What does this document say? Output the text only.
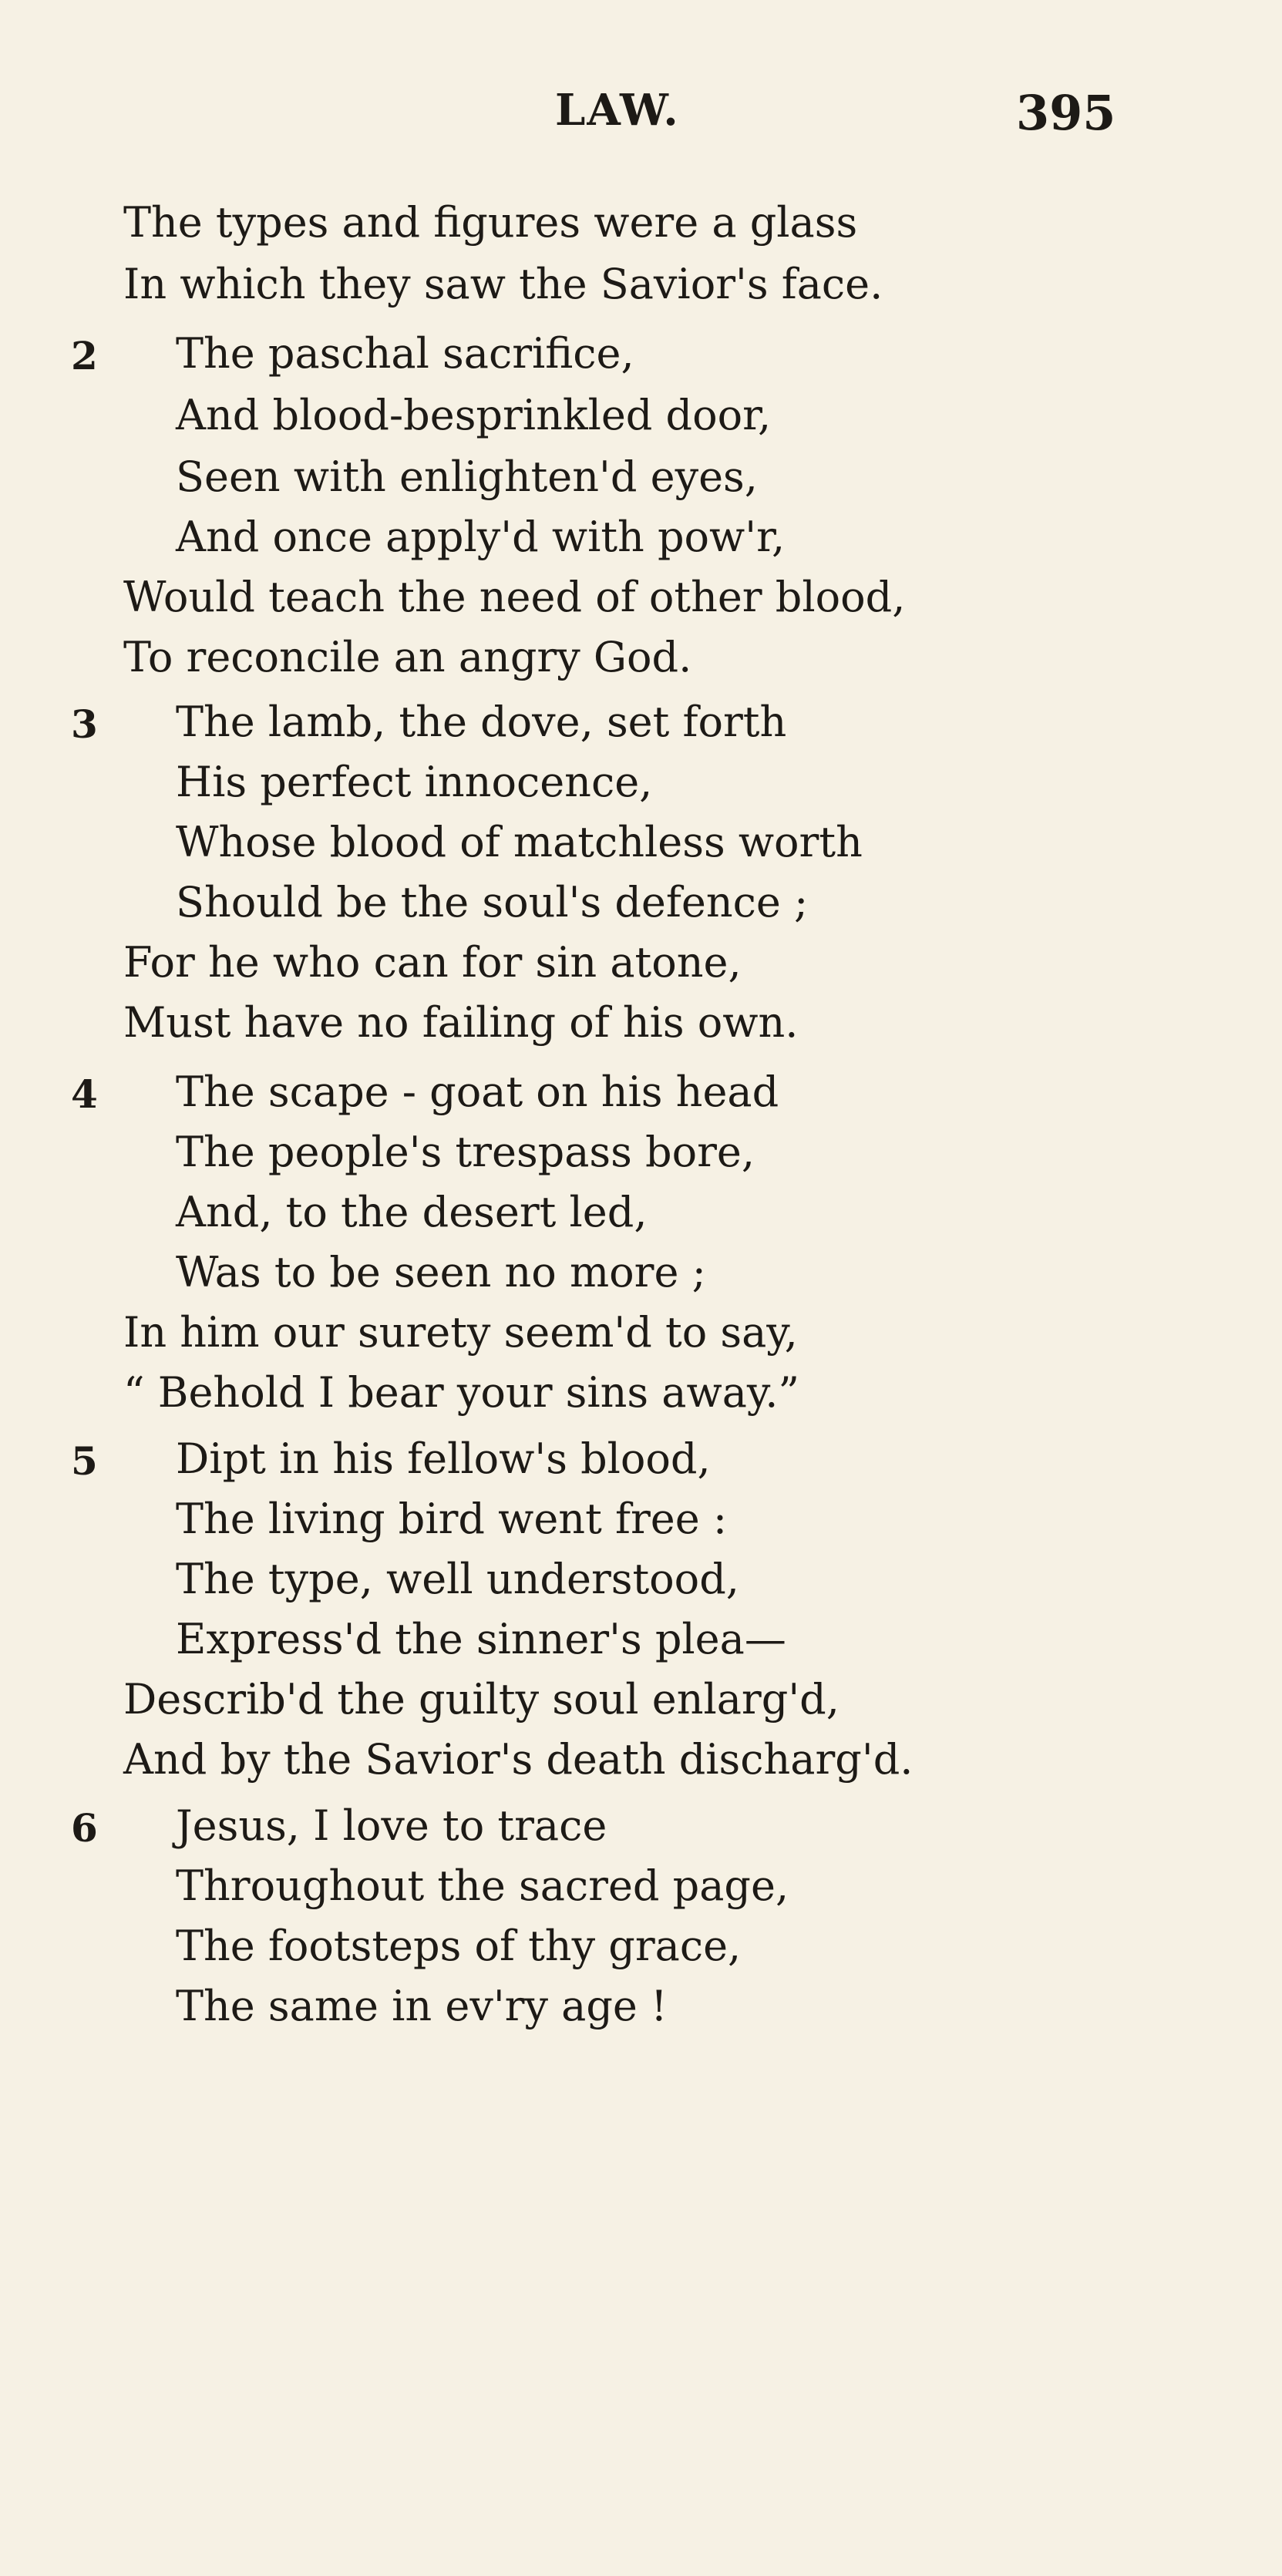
LAW.	395
The types and figures were a glass
In which they saw the Savior's face.
2 The paschal sacrifice,
And blood-besprinkled door,
Seen with enlighten'd eyes,
And once apply'd with pow'r,
Would teach the need of other blood,
To reconcile an angry God.
3 The lamb, the dove, set forth
His perfect innocence,
Whose blood of matchless worth
Should be the soul's defence ;
For he who can for sin atone,
Must have no failing of his own.
4 The scape - goat on his head
The people's trespass bore,
And, to the desert led,
Was to be seen no more ;
In him our surety seem'd to say,
“ Behold I bear your sins away.”
5 Dipt in his fellow's blood,
The living bird went free :
The type, well understood,
Express'd the sinner's plea—
Describ'd the guilty soul enlarg'd,
And by the Savior's death discharg'd.
6 Jesus, I love to trace
Throughout the sacred page,
The footsteps of thy grace,
The same in ev'ry age !
